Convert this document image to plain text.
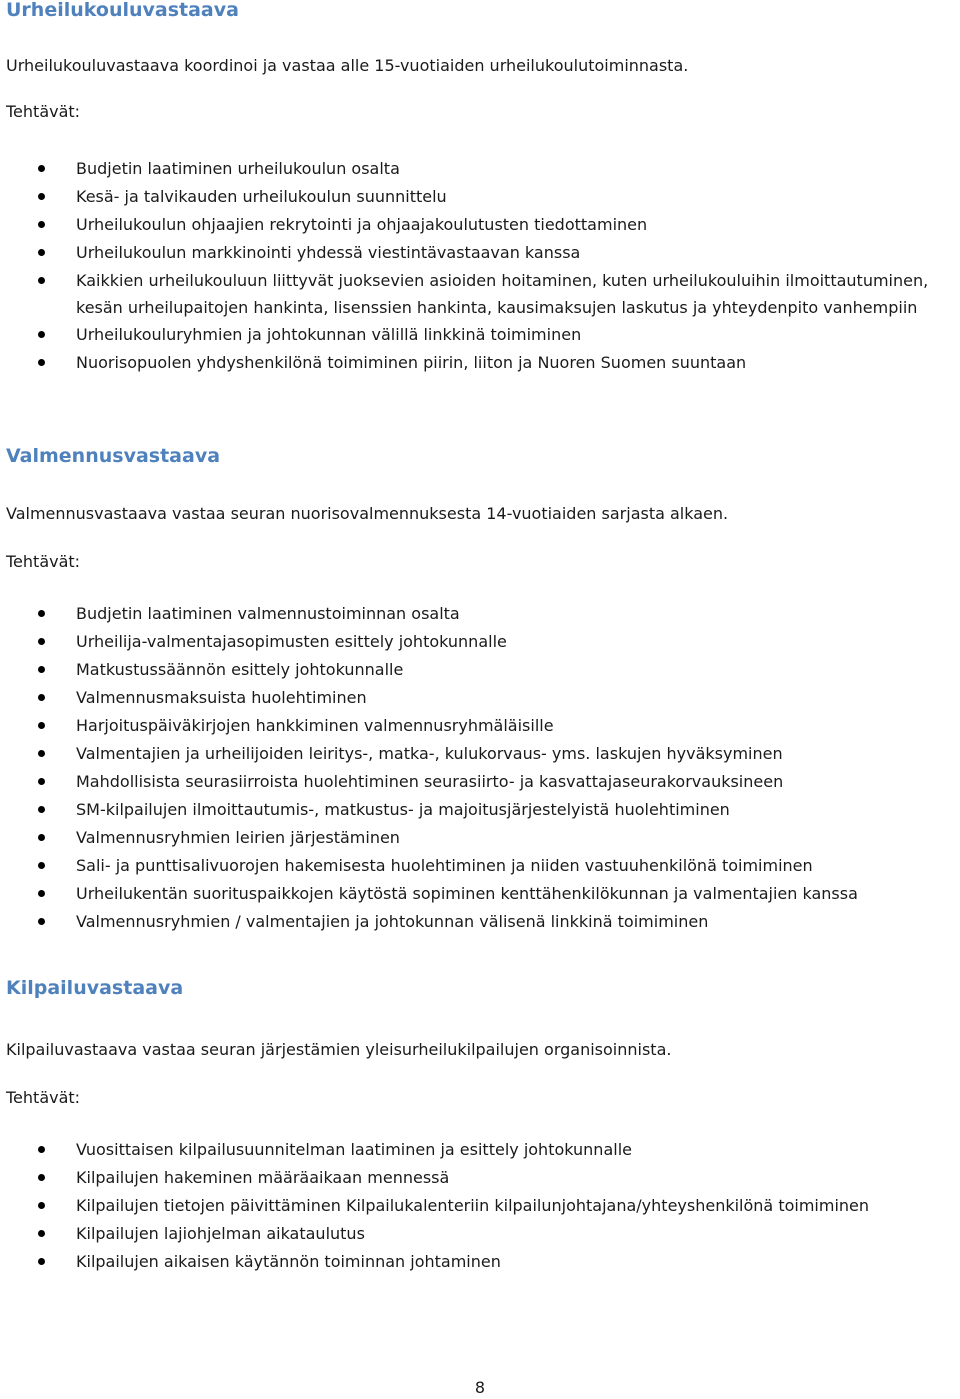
Urheilukouluvastaava

Urheilukouluvastaava koordinoi ja vastaa alle 15-vuotiaiden urheilukoulutoiminnasta.

Tehtävät:

Budjetin laatiminen urheilukoulun osalta
Kesä- ja talvikauden urheilukoulun suunnittelu
Urheilukoulun ohjaajien rekrytointi ja ohjaajakoulutusten tiedottaminen
Urheilukoulun markkinointi yhdessä viestintävastaavan kanssa
Kaikkien urheilukouluun liittyvät juoksevien asioiden hoitaminen, kuten urheilukouluihin ilmoittautuminen, kesän urheilupaitojen hankinta, lisenssien hankinta, kausimaksujen laskutus ja yhteydenpito vanhempiin
Urheilukouluryhmien ja johtokunnan välillä linkkinä toimiminen
Nuorisopuolen yhdyshenkilönä toimiminen piirin, liiton ja Nuoren Suomen suuntaan
Valmennusvastaava

Valmennusvastaava vastaa seuran nuorisovalmennuksesta 14-vuotiaiden sarjasta alkaen.

Tehtävät:

Budjetin laatiminen valmennustoiminnan osalta
Urheilija-valmentajasopimusten esittely johtokunnalle
Matkustussäännön esittely johtokunnalle
Valmennusmaksuista huolehtiminen
Harjoituspäiväkirjojen hankkiminen valmennusryhmäläisille
Valmentajien ja urheilijoiden leiritys-, matka-, kulukorvaus- yms. laskujen hyväksyminen
Mahdollisista seurasiirroista huolehtiminen seurasiirto- ja kasvattajaseurakorvauksineen
SM-kilpailujen ilmoittautumis-, matkustus- ja majoitusjärjestelyistä huolehtiminen
Valmennusryhmien leirien järjestäminen
Sali- ja punttisalivuorojen hakemisesta huolehtiminen ja niiden vastuuhenkilönä toimiminen
Urheilukentän suorituspaikkojen käytöstä sopiminen kenttähenkilökunnan ja valmentajien kanssa
Valmennusryhmien / valmentajien ja johtokunnan välisenä linkkinä toimiminen
Kilpailuvastaava

Kilpailuvastaava vastaa seuran järjestämien yleisurheilukilpailujen organisoinnista.

Tehtävät:

Vuosittaisen kilpailusuunnitelman laatiminen ja esittely johtokunnalle
Kilpailujen hakeminen määräaikaan mennessä
Kilpailujen tietojen päivittäminen Kilpailukalenteriin kilpailunjohtajana/yhteyshenkilönä toimiminen
Kilpailujen lajiohjelman aikataulutus
Kilpailujen aikaisen käytännön toiminnan johtaminen
8
